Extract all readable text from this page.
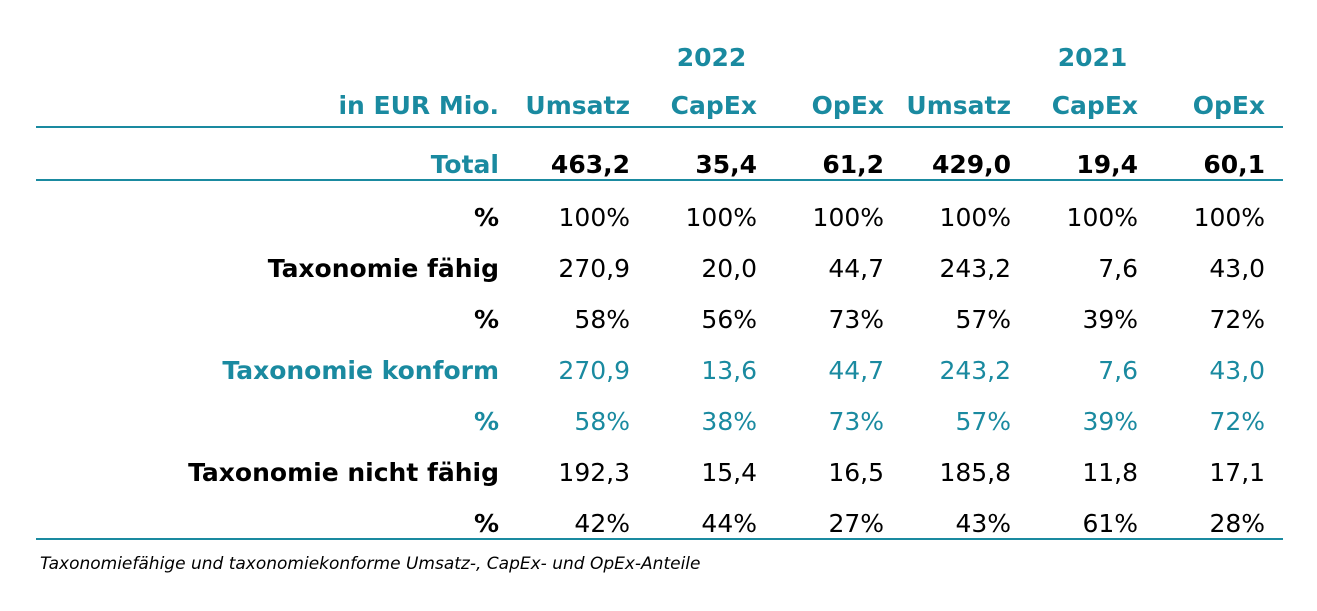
	2022			2021		
in EUR Mio.	Umsatz	CapEx	OpEx	Umsatz	CapEx	OpEx

Total	463,2	35,4	61,2	429,0	19,4	60,1

%	100%	100%	100%	100%	100%	100%
Taxonomie fähig	270,9	20,0	44,7	243,2	7,6	43,0
%	58%	56%	73%	57%	39%	72%
Taxonomie konform	270,9	13,6	44,7	243,2	7,6	43,0
%	58%	38%	73%	57%	39%	72%
Taxonomie nicht fähig	192,3	15,4	16,5	185,8	11,8	17,1
%	42%	44%	27%	43%	61%	28%

Taxonomiefähige und taxonomiekonforme Umsatz-, CapEx- und OpEx-Anteile
